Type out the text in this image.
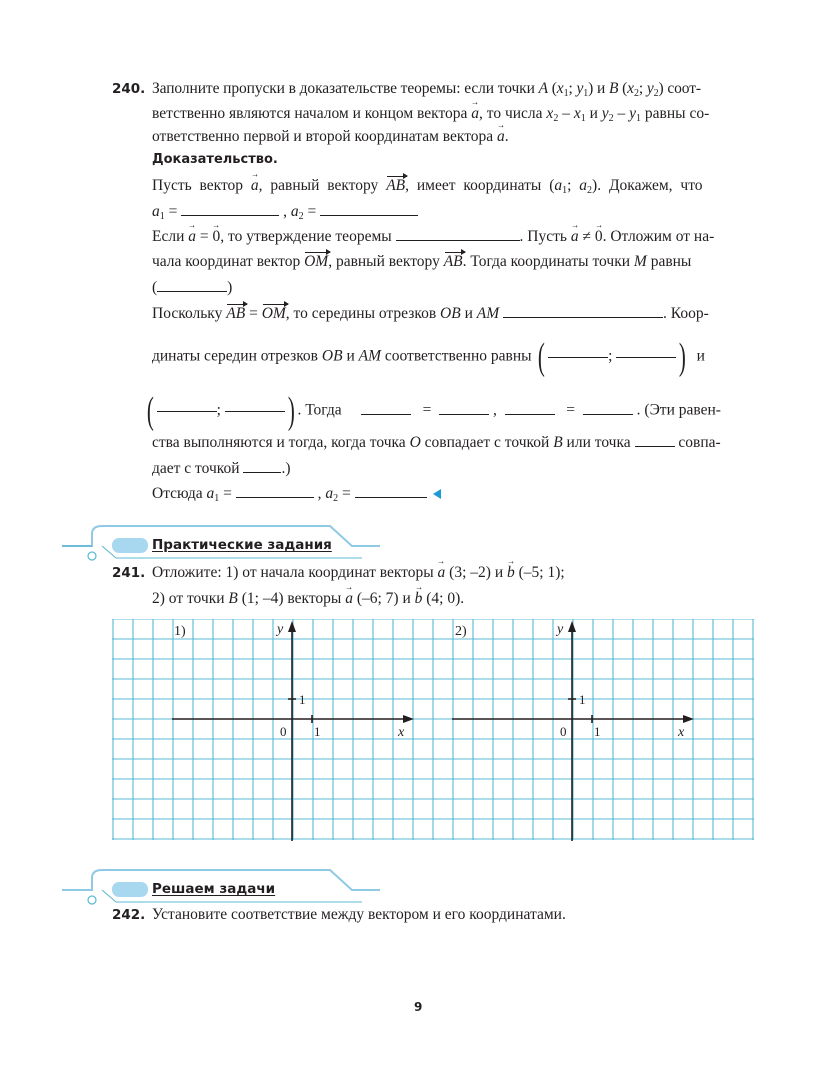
240. Заполните пропуски в доказательстве теоремы: если точки A ($x_1$; $y_1$) и B ($x_2$; $y_2$) соот-
ветственно являются началом и концом вектора → a, то числа $x_2 - x_1$ и $y_2 - y_1$ равны со-
ответственно первой и второй координатам вектора → a.
Доказательство.
Пусть вектор → a, равный вектору AB, имеет координаты ($a_1$; $a_2$). Докажем, что
$a_1$ =	, $a_2$ =
Если → a = → 0, то утверждение теоремы	. Пусть → a ≠ → 0. Отложим от на-
чала координат вектор OM, равный вектору AB. Тогда координаты точки M равны
(	)
Поскольку AB = OM, то середины отрезков OB и AM	. Коор-
динаты середин отрезков OB и AM соответственно равны (	; ) и
(	; ) . Тогда	=	,	=	. (Эти равен-
ства выполняются и тогда, когда точка O совпадает с точкой B или точка	совпа-
дает с точкой	.)
Отсюда $a_1$ =	, $a_2$ =
Практические задания
241. Отложите: 1) от начала координат векторы → a (3; –2) и → b (–5; 1);
2) от точки B (1; –4) векторы → a (–6; 7) и → b (4; 0).
1)	y
x
0 1
1
2)	y
x
0 1
1
Решаем задачи
242. Установите соответствие между вектором и его координатами.
9
